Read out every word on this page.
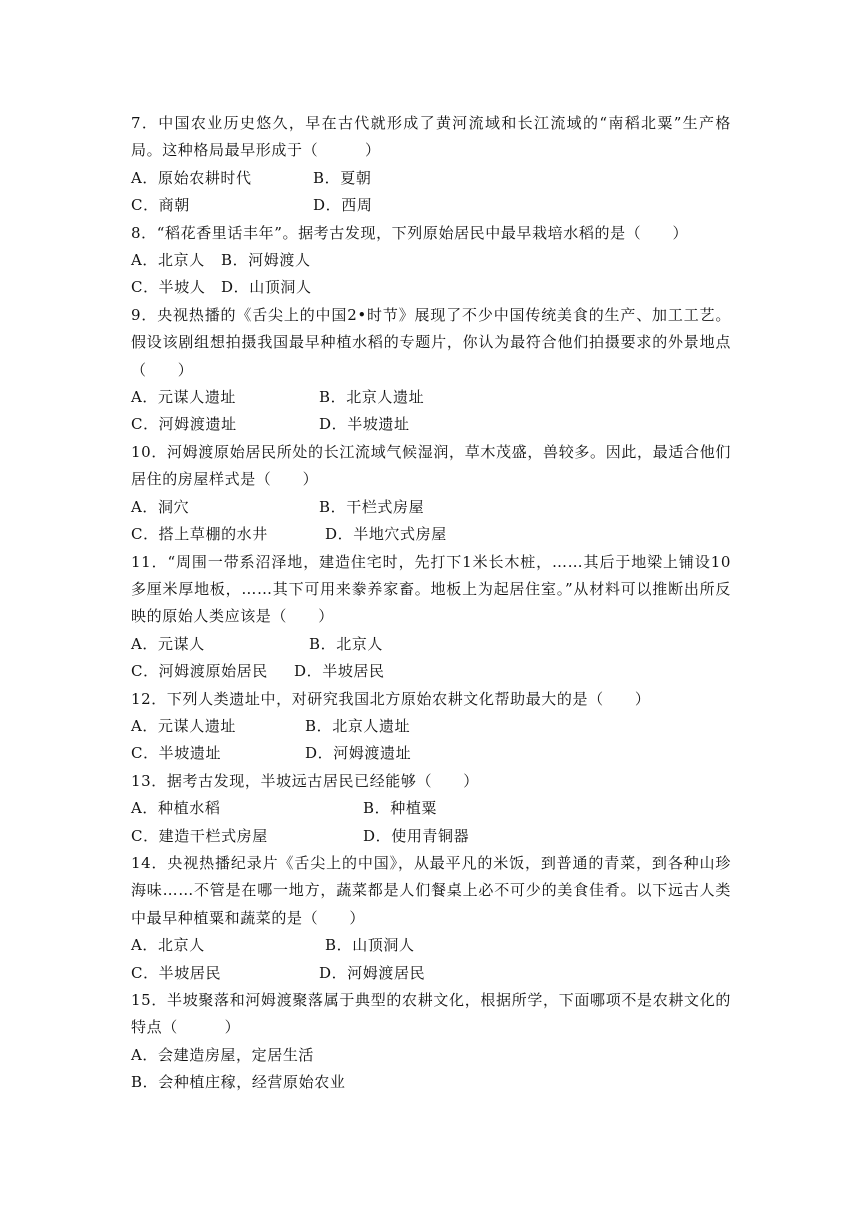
7．中国农业历史悠久，早在古代就形成了黄河流域和长江流域的“南稻北粟”生产格局。这种格局最早形成于（　　　）

A．原始农耕时代	B．夏朝
C．商朝	D．西周

8．“稻花香里话丰年”。据考古发现，下列原始居民中最早栽培水稻的是（　　）

A．北京人	B．河姆渡人
C．半坡人	D．山顶洞人

9．央视热播的《舌尖上的中国2•时节》展现了不少中国传统美食的生产、加工工艺。假设该剧组想拍摄我国最早种植水稻的专题片，你认为最符合他们拍摄要求的外景地点（　　）

A．元谋人遗址	B．北京人遗址
C．河姆渡遗址	D．半坡遗址

10．河姆渡原始居民所处的长江流域气候湿润，草木茂盛，兽较多。因此，最适合他们居住的房屋样式是（　　）

A．洞穴	B．干栏式房屋
C．搭上草棚的水井	D．半地穴式房屋

11．“周围一带系沼泽地，建造住宅时，先打下1米长木桩，……其后于地梁上铺设10多厘米厚地板，……其下可用来豢养家畜。地板上为起居住室。”从材料可以推断出所反映的原始人类应该是（　　）

A．元谋人	B．北京人
C．河姆渡原始居民	D．半坡居民

12．下列人类遗址中，对研究我国北方原始农耕文化帮助最大的是（　　）

A．元谋人遗址	B．北京人遗址
C．半坡遗址	D．河姆渡遗址

13．据考古发现，半坡远古居民已经能够（　　）

A．种植水稻	B．种植粟
C．建造干栏式房屋	D．使用青铜器

14．央视热播纪录片《舌尖上的中国》，从最平凡的米饭，到普通的青菜，到各种山珍海味……不管是在哪一地方，蔬菜都是人们餐桌上必不可少的美食佳肴。以下远古人类中最早种植粟和蔬菜的是（　　）

A．北京人	B．山顶洞人
C．半坡居民	D．河姆渡居民

15．半坡聚落和河姆渡聚落属于典型的农耕文化，根据所学，下面哪项不是农耕文化的特点（　　　）

A．会建造房屋，定居生活
B．会种植庄稼，经营原始农业
